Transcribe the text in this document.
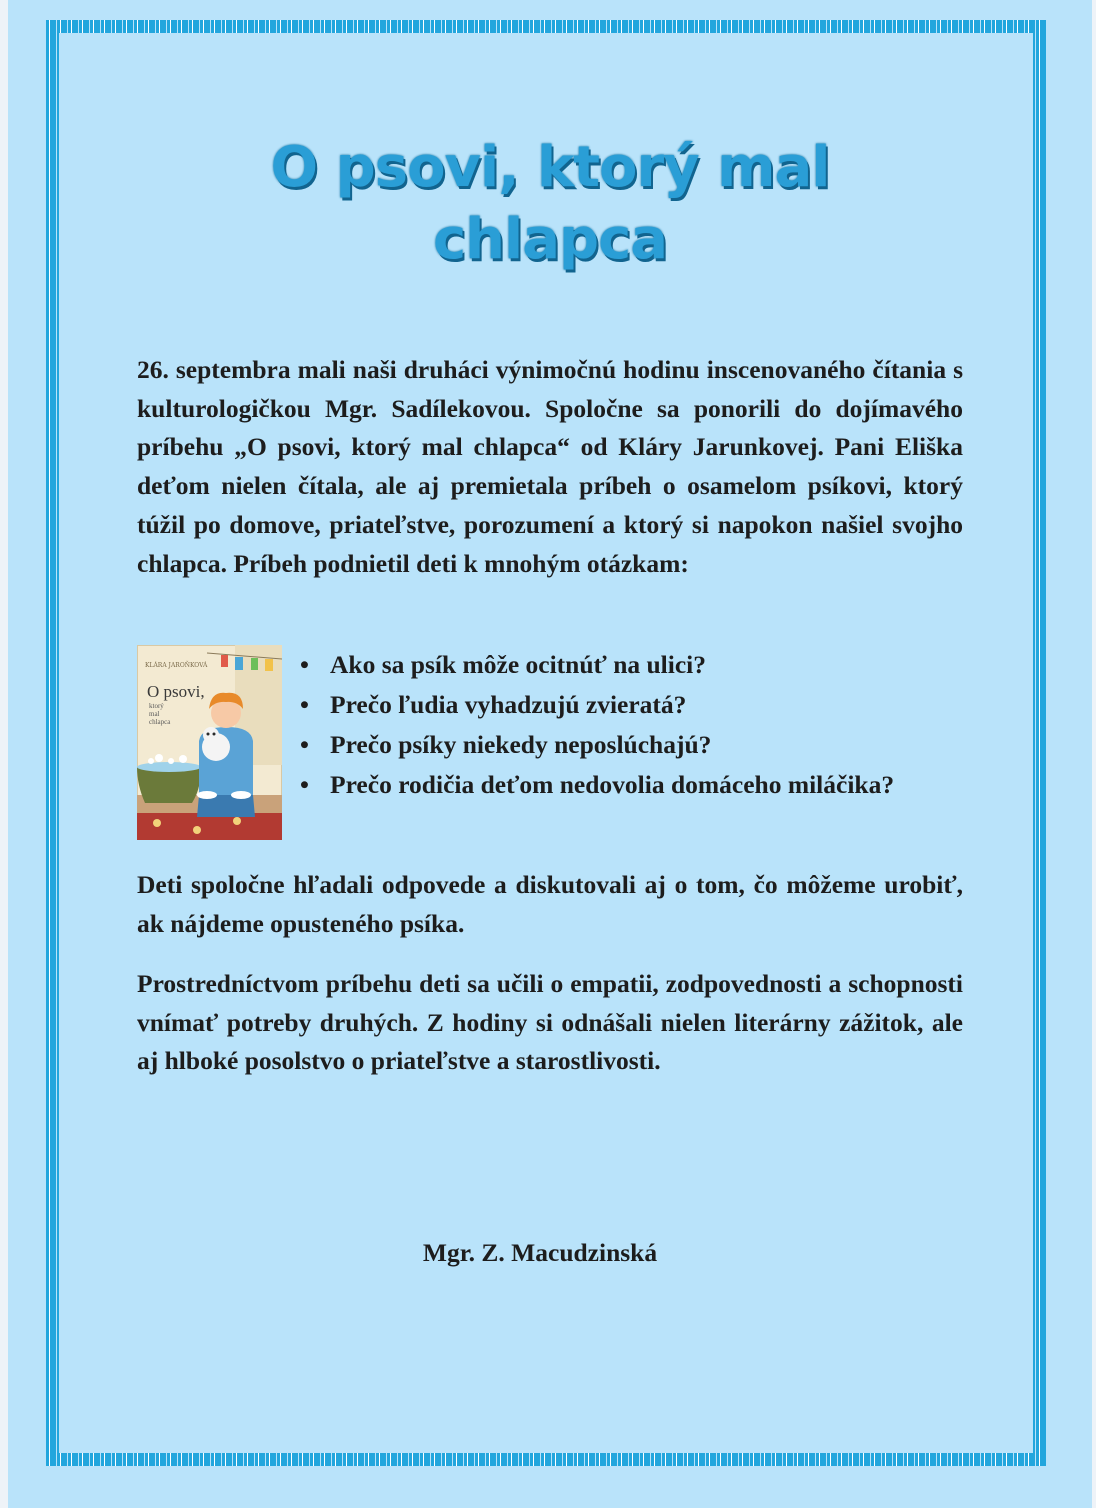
O psovi, ktorý mal chlapca

26. septembra mali naši druháci výnimočnú hodinu inscenovaného čítania s kulturologičkou Mgr. Sadílekovou. Spoločne sa ponorili do dojímavého príbehu „O psovi, ktorý mal chlapca“ od Kláry Jarunkovej. Pani Eliška deťom nielen čítala, ale aj premietala príbeh o osamelom psíkovi, ktorý túžil po domove, priateľstve, porozumení a ktorý si napokon našiel svojho chlapca. Príbeh podnietil deti k mnohým otázkam:

KLÁRA JAROŇKOVÁ
O psovi,
ktorý
mal
chlapca
• Ako sa psík môže ocitnúť na ulici?
• Prečo ľudia vyhadzujú zvieratá?
• Prečo psíky niekedy neposlúchajú?
• Prečo rodičia deťom nedovolia domáceho miláčika?

Deti spoločne hľadali odpovede a diskutovali aj o tom, čo môžeme urobiť, ak nájdeme opusteného psíka.

Prostredníctvom príbehu deti sa učili o empatii, zodpovednosti a schopnosti vnímať potreby druhých. Z hodiny si odnášali nielen literárny zážitok, ale aj hlboké posolstvo o priateľstve a starostlivosti.

Mgr. Z. Macudzinská
